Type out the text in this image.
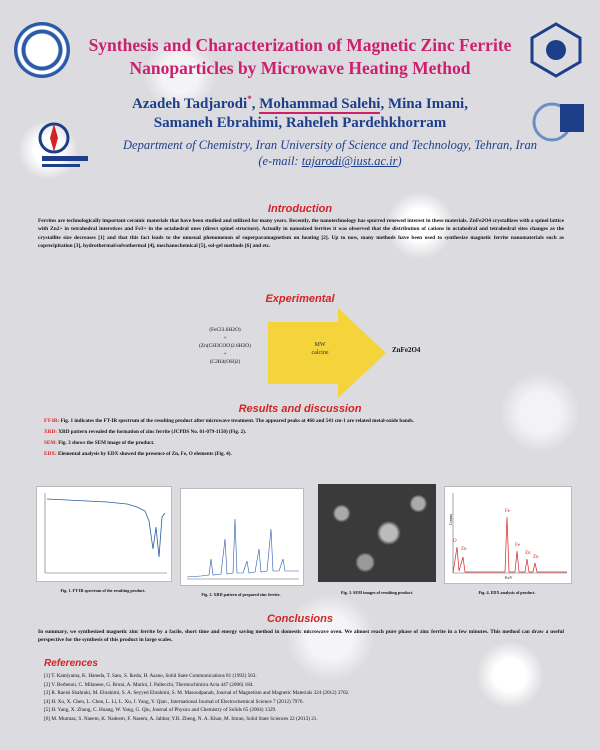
Synthesis and Characterization of Magnetic Zinc Ferrite Nanoparticles by Microwave Heating Method
Azadeh Tadjarodi*, Mohammad Salehi, Mina Imani,
Samaneh Ebrahimi, Raheleh Pardehkhorram
Department of Chemistry, Iran University of Science and Technology, Tehran, Iran
(e-mail: tajarodi@iust.ac.ir)
Introduction
Ferrites are technologically important ceramic materials that have been studied and utilized for many years. Recently, the nanotechnology has spurred renewed interest in these materials. ZnFe2O4 crystallizes with a spinel lattice with Zn2+ in tetrahedral interstices and Fe3+ in the octahedral ones (direct spinel structure). Actually in nanosized ferrites it was observed that the distribution of cations in octahedral and tetrahedral sites changes as the crystallite size decreases [1] and that this fact leads to the unusual phenomenon of superparamagnetism on heating [2]. Up to now, many methods have been used to synthesize magnetic ferrite nanomaterials such as coprecipitation [3], hydrothermal/solvothermal [4], mechanochemical [5], sol-gel methods [6] and etc.
Experimental
(FeCl3.6H2O)
+
(Zn(CH3COO)2.6H2O)
+
(C2H4(OH)2)
MW
calcine	ZnFe2O4
Results and discussion
FT-IR: Fig. 1 indicates the FT-IR spectrum of the resulting product after microwave treatment. The appeared peaks at 466 and 541 cm-1 are related metal-oxide bands.
XRD: XRD pattern revealed the formation of zinc ferrite (JCPDS No. 01-079-1150) (Fig. 2).
SEM: Fig. 3 shows the SEM image of the product.
EDX: Elemental analysis by EDX showed the presence of Zn, Fe, O elements (Fig. 4).
Fig. 1. FT-IR spectrum of the resulting product.
Fig. 2. XRD pattern of prepared zinc ferrite.	Fig. 3. SEM images of resulting product.
O
Zn
Fe
Fe
Zn
Zn
KeV
Counts
Fig. 4. EDX analysis of product.
Conclusions
In summary, we synthesized magnetic zinc ferrite by a facile, short time and energy saving method in domestic microwave oven. We almost reach pure phase of zinc ferrite in a few minutes. This method can draw a useful perspective for the synthesis of this product in large scales.
References
[1] T. Kamiyama, K. Haneda, T. Sato, S. Ikeda, H. Asano, Solid State Communications 81 (1992) 563.
[2] V. Berbenni, C. Milanese, G. Bruni, A. Marini, I. Pallecchi, Thermochimica Acta 447 (2006) 184.
[3] R. Raeisi Shahraki, M. Ebrahimi, S. A. Seyyed Ebrahimi, S. M. Masoudpanah, Journal of Magnetism and Magnetic Materials 324 (2012) 3762.
[4] H. Xu, X. Chen, L. Chen, L. Li, L. Xu, J. Yang, Y. Qian , International Journal of Electrochemical Science 7 (2012) 7976.
[5] H. Yang, X. Zhang, C. Huang, W. Yang, G. Qiu, Journal of Physics and Chemistry of Solids 65 (2004) 1329.
[6] M. Mumtaz, S. Naeem, K. Nadeem, F. Naeem, A. Jabbar, Y.R. Zheng, N. A. Khan, M. Imran, Solid State Sciences 22 (2013) 21.
